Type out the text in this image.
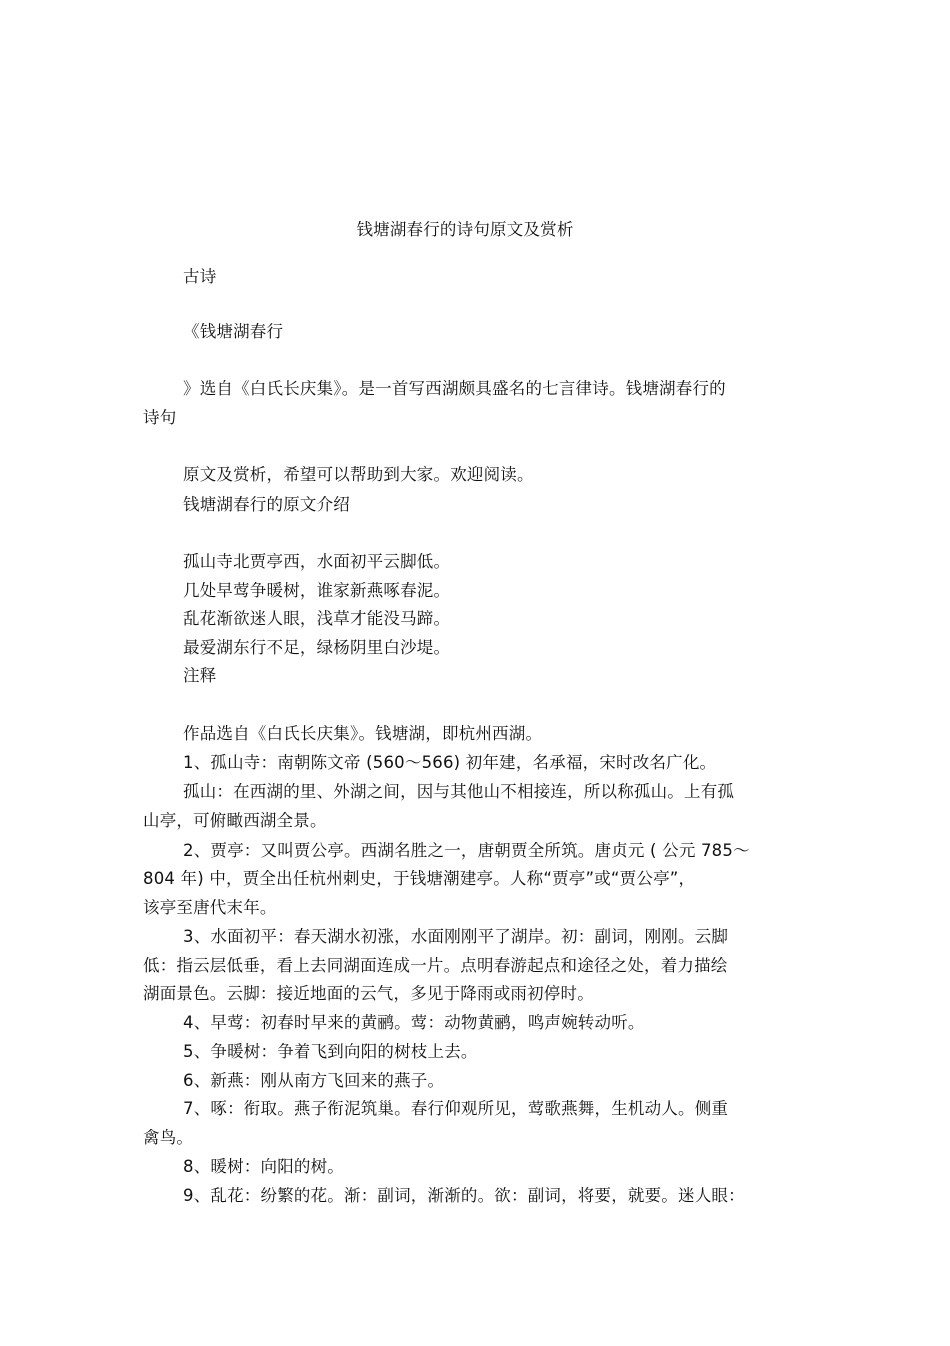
钱塘湖春行的诗句原文及赏析
古诗
《钱塘湖春行
》选自《白氏长庆集》。是一首写西湖颇具盛名的七言律诗。钱塘湖春行的
诗句
原文及赏析，希望可以帮助到大家。欢迎阅读。
钱塘湖春行的原文介绍
孤山寺北贾亭西，水面初平云脚低。
几处早莺争暖树，谁家新燕啄春泥。
乱花渐欲迷人眼，浅草才能没马蹄。
最爱湖东行不足，绿杨阴里白沙堤。
注释
作品选自《白氏长庆集》。钱塘湖，即杭州西湖。
1、孤山寺：南朝陈文帝 (560～566) 初年建，名承福，宋时改名广化。
孤山：在西湖的里、外湖之间，因与其他山不相接连，所以称孤山。上有孤
山亭，可俯瞰西湖全景。
2、贾亭：又叫贾公亭。西湖名胜之一，唐朝贾全所筑。唐贞元 ( 公元 785～
804 年) 中，贾全出任杭州刺史，于钱塘潮建亭。人称“贾亭”或“贾公亭”，
该亭至唐代末年。
3、水面初平：春天湖水初涨，水面刚刚平了湖岸。初：副词，刚刚。云脚
低：指云层低垂，看上去同湖面连成一片。点明春游起点和途径之处，着力描绘
湖面景色。云脚：接近地面的云气，多见于降雨或雨初停时。
4、早莺：初春时早来的黄鹂。莺：动物黄鹂，鸣声婉转动听。
5、争暖树：争着飞到向阳的树枝上去。
6、新燕：刚从南方飞回来的燕子。
7、啄：衔取。燕子衔泥筑巢。春行仰观所见，莺歌燕舞，生机动人。侧重
禽鸟。
8、暖树：向阳的树。
9、乱花：纷繁的花。渐：副词，渐渐的。欲：副词，将要，就要。迷人眼：
